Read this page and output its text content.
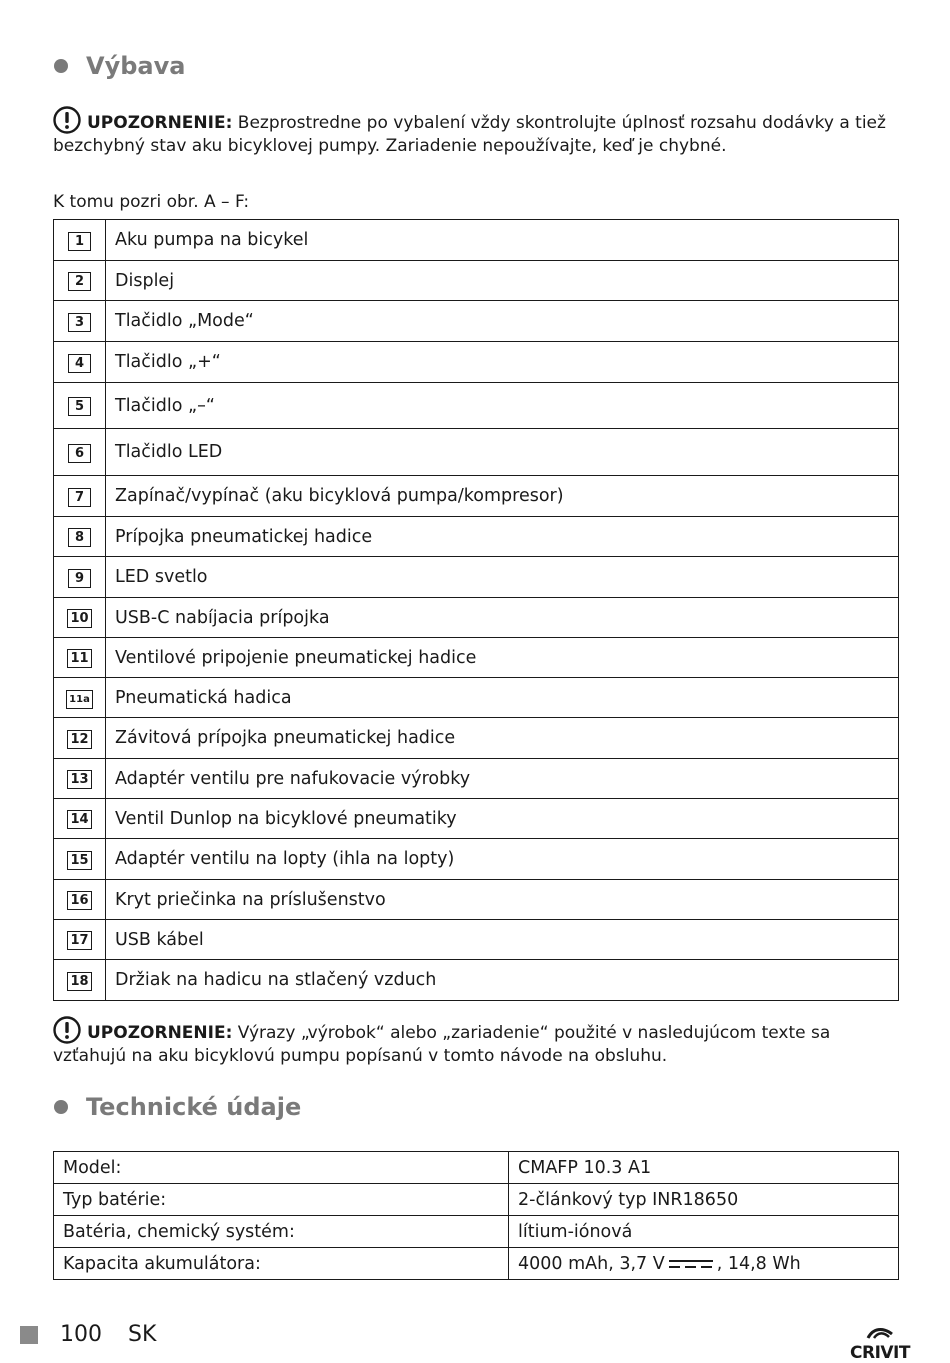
Výbava
UPOZORNENIE: Bezprostredne po vybalení vždy skontrolujte úplnosť rozsahu dodávky a tiež bezchybný stav aku bicyklovej pumpy. Zariadenie nepoužívajte, keď je chybné.
K tomu pozri obr. A – F:
1	Aku pumpa na bicykel
2	Displej
3	Tlačidlo „Mode“
4	Tlačidlo „+“
5	Tlačidlo „–“
6	Tlačidlo LED
7	Zapínač/vypínač (aku bicyklová pumpa/kompresor)
8	Prípojka pneumatickej hadice
9	LED svetlo
10	USB-C nabíjacia prípojka
11	Ventilové pripojenie pneumatickej hadice
11a	Pneumatická hadica
12	Závitová prípojka pneumatickej hadice
13	Adaptér ventilu pre nafukovacie výrobky
14	Ventil Dunlop na bicyklové pneumatiky
15	Adaptér ventilu na lopty (ihla na lopty)
16	Kryt priečinka na príslušenstvo
17	USB kábel
18	Držiak na hadicu na stlačený vzduch
UPOZORNENIE: Výrazy „výrobok“ alebo „zariadenie“ použité v nasledujúcom texte sa vzťahujú na aku bicyklovú pumpu popísanú v tomto návode na obsluhu.
Technické údaje
Model:	CMAFP 10.3 A1
Typ batérie:	2-článkový typ INR18650
Batéria, chemický systém:	lítium-iónová
Kapacita akumulátora:	4000 mAh, 3,7 V , 14,8 Wh
100 SK
CRIVIT
